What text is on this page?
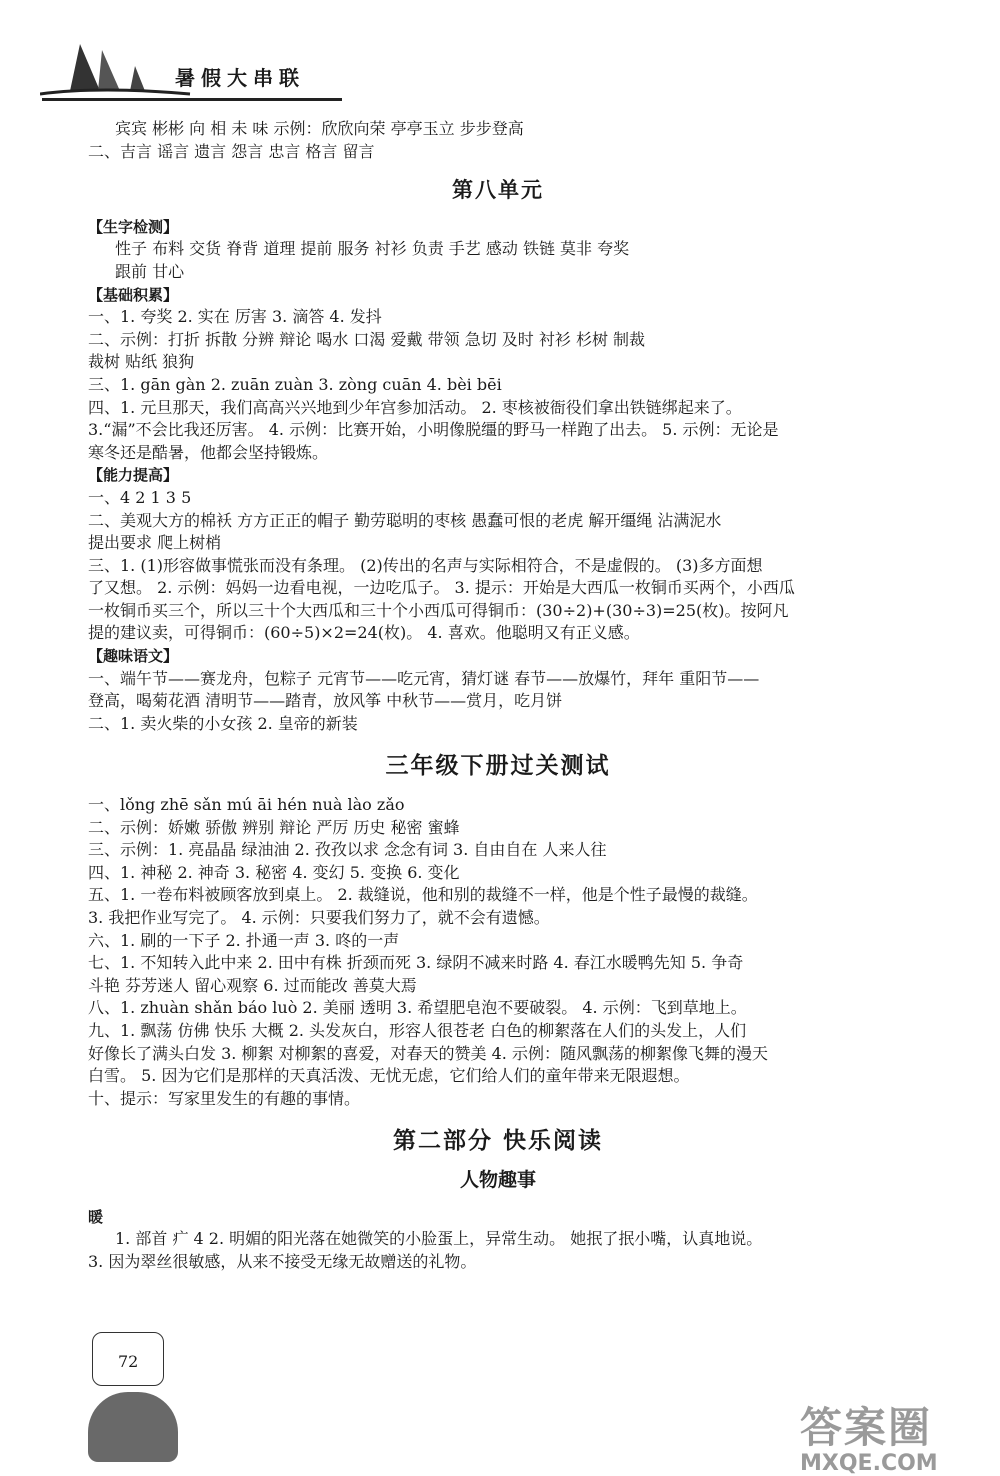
暑假大串联
宾宾 彬彬 向 相 未 味 示例：欣欣向荣 亭亭玉立 步步登高
二、吉言 谣言 遗言 怨言 忠言 格言 留言
第八单元
【生字检测】
性子 布料 交货 脊背 道理 提前 服务 衬衫 负责 手艺 感动 铁链 莫非 夸奖
跟前 甘心
【基础积累】
一、1. 夸奖 2. 实在 厉害 3. 滴答 4. 发抖
二、示例：打折 拆散 分辨 辩论 喝水 口渴 爱戴 带领 急切 及时 衬衫 杉树 制裁
裁树 贴纸 狼狗
三、1. gān gàn 2. zuān zuàn 3. zòng cuān 4. bèi bēi
四、1. 元旦那天，我们高高兴兴地到少年宫参加活动。 2. 枣核被衙役们拿出铁链绑起来了。
3.“漏”不会比我还厉害。 4. 示例：比赛开始，小明像脱缰的野马一样跑了出去。 5. 示例：无论是
寒冬还是酷暑，他都会坚持锻炼。
【能力提高】
一、4 2 1 3 5
二、美观大方的棉袄 方方正正的帽子 勤劳聪明的枣核 愚蠢可恨的老虎 解开缰绳 沾满泥水
提出要求 爬上树梢
三、1. (1)形容做事慌张而没有条理。 (2)传出的名声与实际相符合，不是虚假的。 (3)多方面想
了又想。 2. 示例：妈妈一边看电视，一边吃瓜子。 3. 提示：开始是大西瓜一枚铜币买两个，小西瓜
一枚铜币买三个，所以三十个大西瓜和三十个小西瓜可得铜币：(30÷2)+(30÷3)=25(枚)。按阿凡
提的建议卖，可得铜币：(60÷5)×2=24(枚)。 4. 喜欢。他聪明又有正义感。
【趣味语文】
一、端午节——赛龙舟，包粽子 元宵节——吃元宵，猜灯谜 春节——放爆竹，拜年 重阳节——
登高，喝菊花酒 清明节——踏青，放风筝 中秋节——赏月，吃月饼
二、1. 卖火柴的小女孩 2. 皇帝的新装
三年级下册过关测试
一、lǒng zhē sǎn mú āi hén nuà lào zǎo
二、示例：娇嫩 骄傲 辨别 辩论 严厉 历史 秘密 蜜蜂
三、示例：1. 亮晶晶 绿油油 2. 孜孜以求 念念有词 3. 自由自在 人来人往
四、1. 神秘 2. 神奇 3. 秘密 4. 变幻 5. 变换 6. 变化
五、1. 一卷布料被顾客放到桌上。 2. 裁缝说，他和别的裁缝不一样，他是个性子最慢的裁缝。
3. 我把作业写完了。 4. 示例：只要我们努力了，就不会有遗憾。
六、1. 刷的一下子 2. 扑通一声 3. 咚的一声
七、1. 不知转入此中来 2. 田中有株 折颈而死 3. 绿阴不减来时路 4. 春江水暖鸭先知 5. 争奇
斗艳 芬芳迷人 留心观察 6. 过而能改 善莫大焉
八、1. zhuàn shǎn báo luò 2. 美丽 透明 3. 希望肥皂泡不要破裂。 4. 示例：飞到草地上。
九、1. 飘荡 仿佛 快乐 大概 2. 头发灰白，形容人很苍老 白色的柳絮落在人们的头发上，人们
好像长了满头白发 3. 柳絮 对柳絮的喜爱，对春天的赞美 4. 示例：随风飘荡的柳絮像飞舞的漫天
白雪。 5. 因为它们是那样的天真活泼、无忧无虑，它们给人们的童年带来无限遐想。
十、提示：写家里发生的有趣的事情。
第二部分 快乐阅读
人物趣事
暖
1. 部首 疒 4 2. 明媚的阳光落在她微笑的小脸蛋上，异常生动。 她抿了抿小嘴，认真地说。
3. 因为翠丝很敏感，从来不接受无缘无故赠送的礼物。
72
答案圈
MXQE.COM
